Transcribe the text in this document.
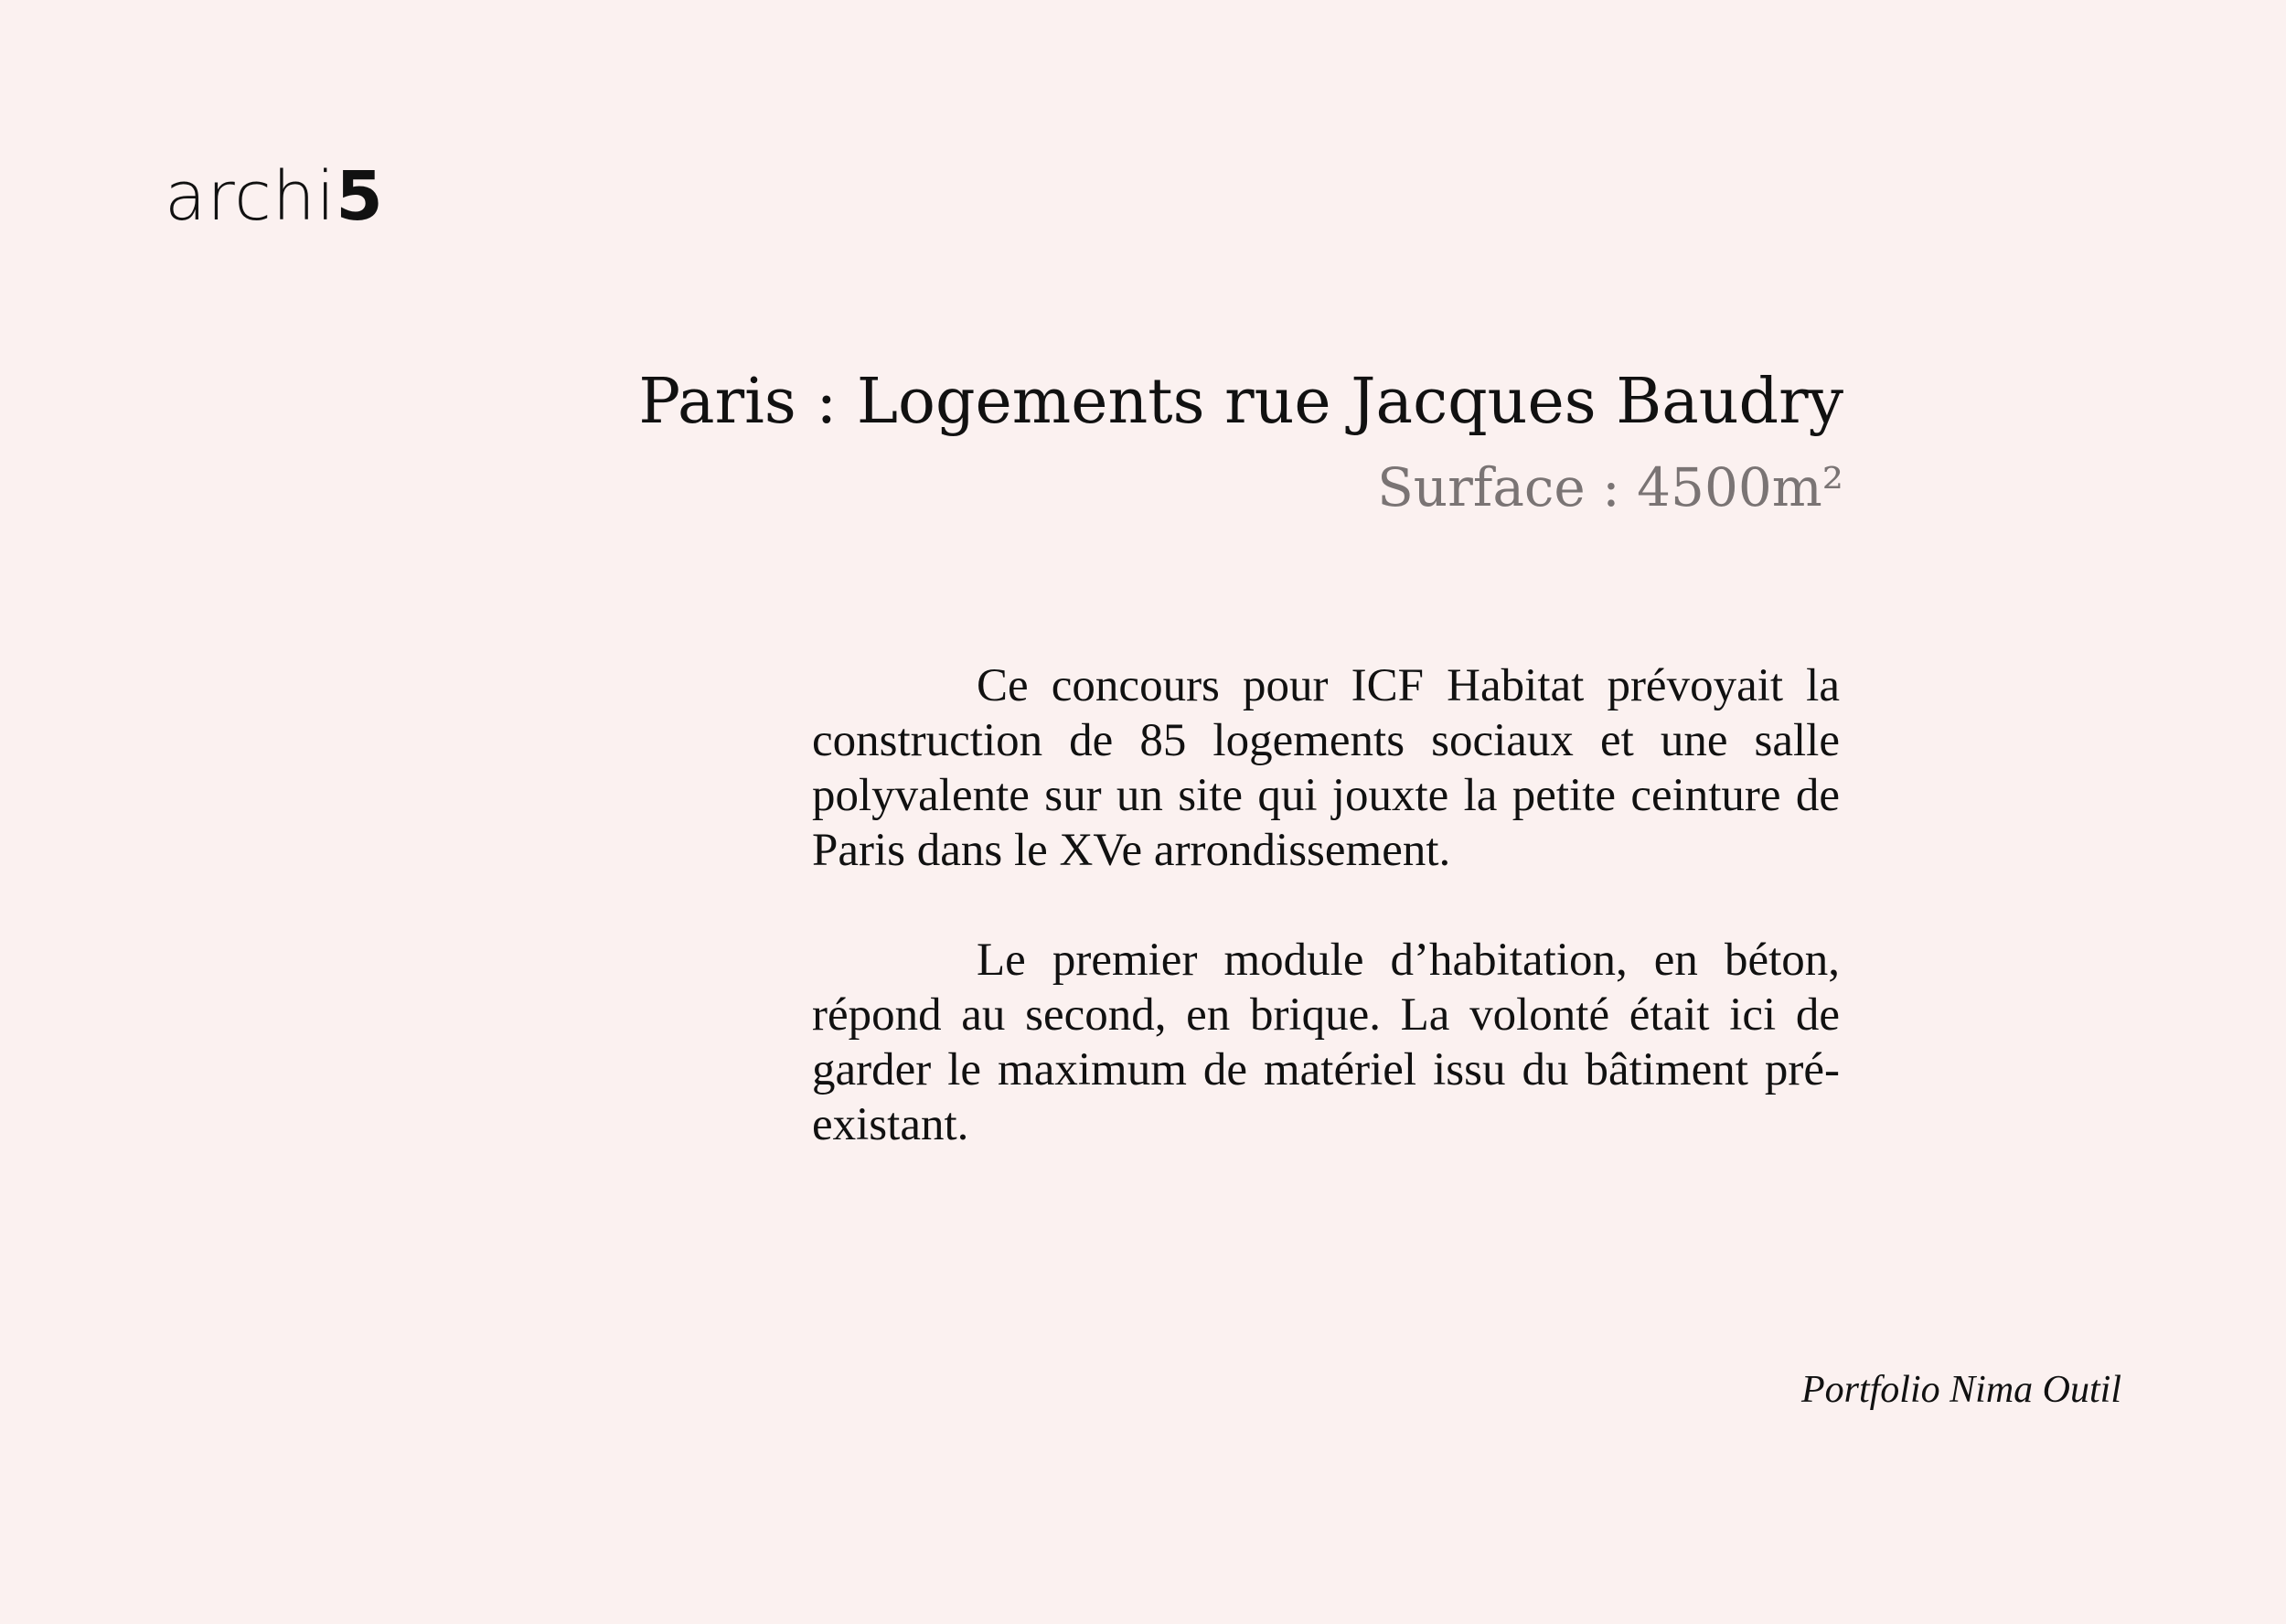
archi5
Paris : Logements rue Jacques Baudry
Surface : 4500m²

Ce concours pour ICF Habitat prévoyait la construction de 85 logements sociaux et une salle polyvalente sur un site qui jouxte la petite ceinture de Paris dans le XVe arrondissement.

Le premier module d’habitation, en béton, répond au second, en brique. La volonté était ici de garder le maximum de matériel issu du bâtiment pré-existant.

Portfolio Nima Outil
